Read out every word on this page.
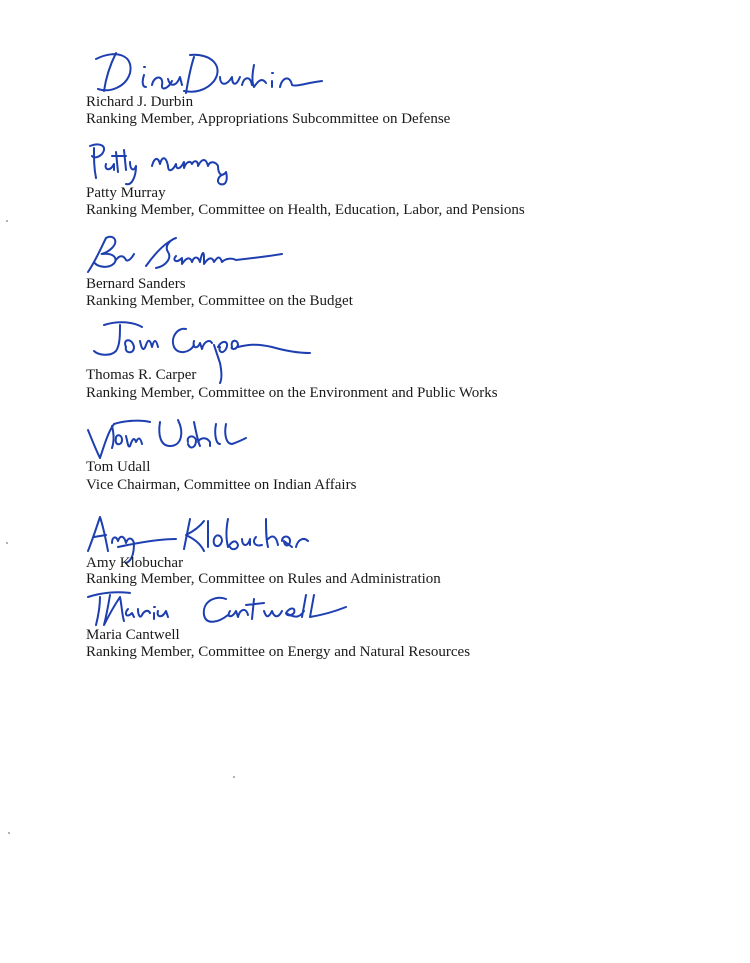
Richard J. Durbin
Ranking Member, Appropriations Subcommittee on Defense
Patty Murray
Ranking Member, Committee on Health, Education, Labor, and Pensions
Bernard Sanders
Ranking Member, Committee on the Budget
Thomas R. Carper
Ranking Member, Committee on the Environment and Public Works
Tom Udall
Vice Chairman, Committee on Indian Affairs
Amy Klobuchar
Ranking Member, Committee on Rules and Administration
Maria Cantwell
Ranking Member, Committee on Energy and Natural Resources
